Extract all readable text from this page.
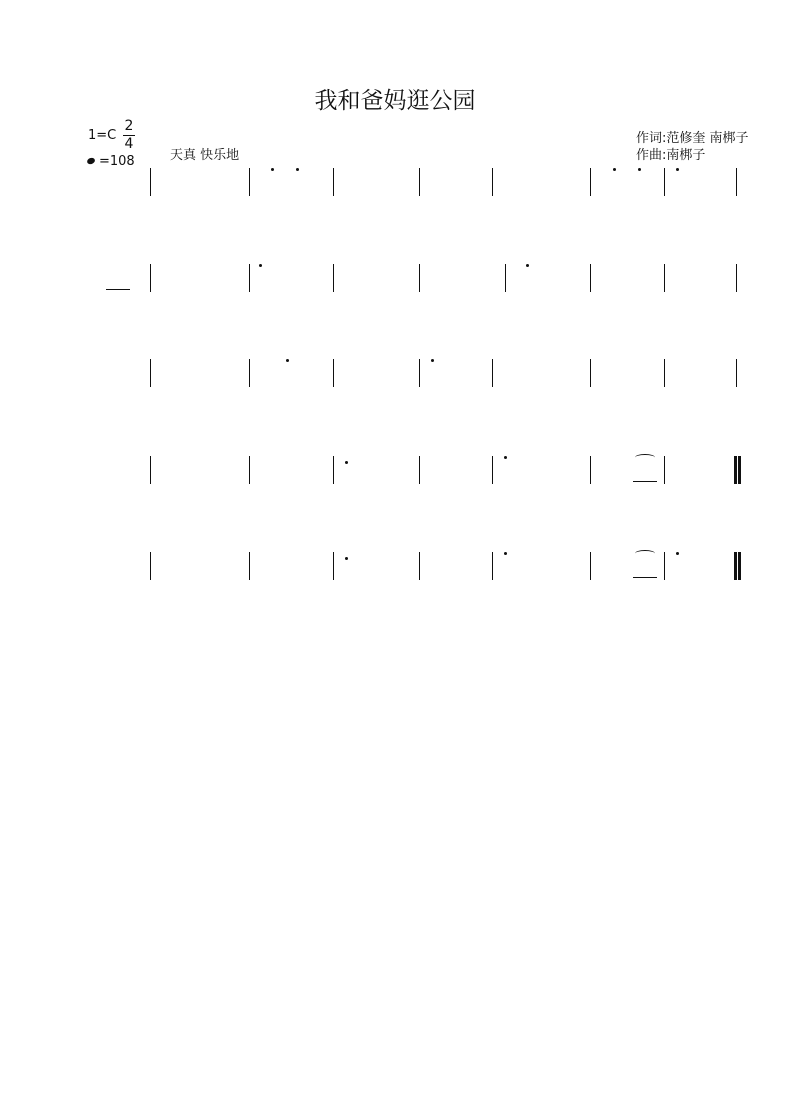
我和爸妈逛公园
1=C
2
4
=108	天真 快乐地
作词:范修奎 南梆子
作曲:南梆子
